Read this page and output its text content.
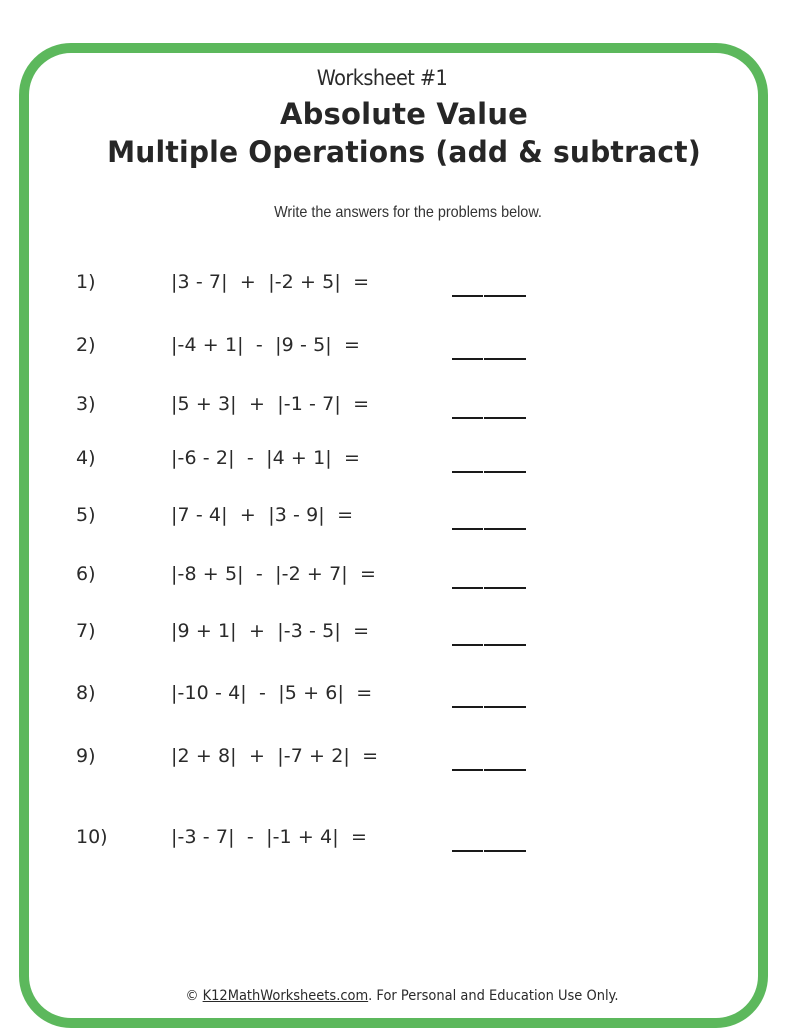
Worksheet #1
Absolute Value
Multiple Operations (add & subtract)
Write the answers for the problems below.
1)	|3 - 7|  +  |-2 + 5|  =
2)	|-4 + 1|  -  |9 - 5|  =
3)	|5 + 3|  +  |-1 - 7|  =
4)	|-6 - 2|  -  |4 + 1|  =
5)	|7 - 4|  +  |3 - 9|  =
6)	|-8 + 5|  -  |-2 + 7|  =
7)	|9 + 1|  +  |-3 - 5|  =
8)	|-10 - 4|  -  |5 + 6|  =
9)	|2 + 8|  +  |-7 + 2|  =
10)	|-3 - 7|  -  |-1 + 4|  =
© K12MathWorksheets.com. For Personal and Education Use Only.
